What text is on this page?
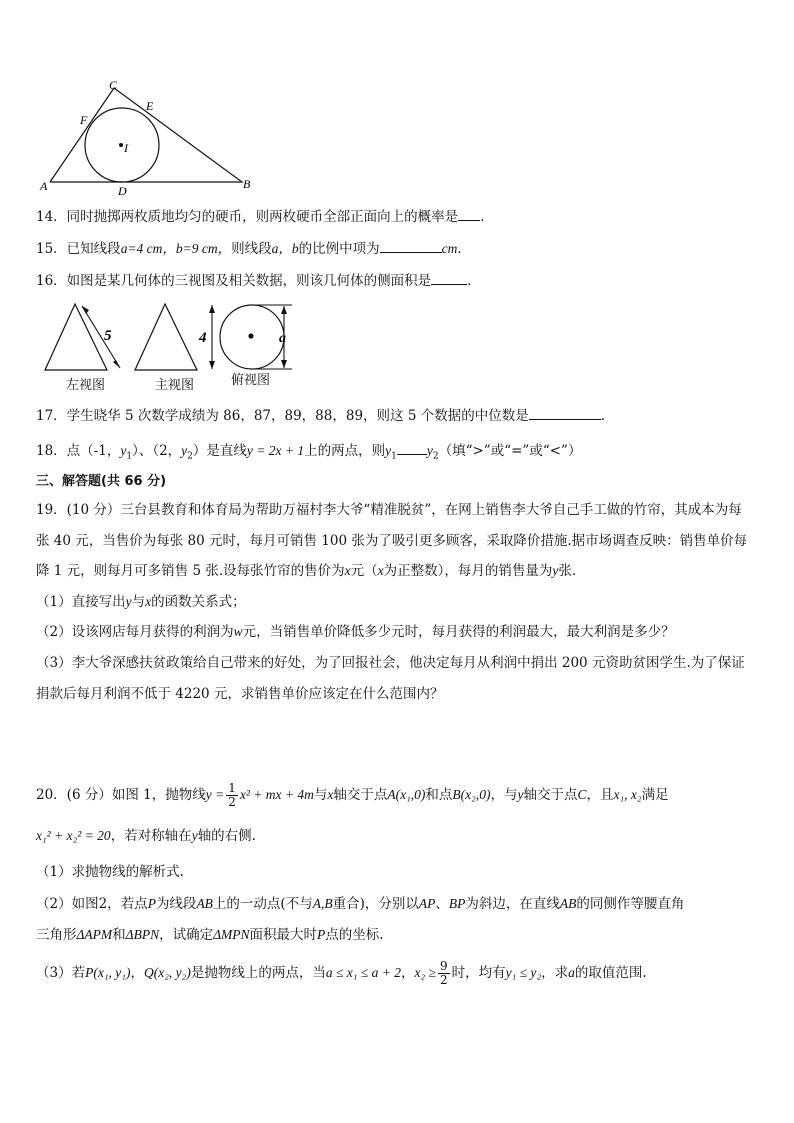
A	B
C
D
E
F
I
14．同时抛掷两枚质地均匀的硬币，则两枚硬币全部正面向上的概率是 ．
15．已知线段a=4 cm，b=9 cm，则线段a，b的比例中项为	cm．
16．如图是某几何体的三视图及相关数据，则该几何体的侧面积是	．
5	4	a
左视图	主视图	俯视图
17．学生晓华 5 次数学成绩为 86，87，89，88，89，则这 5 个数据的中位数是	.
18．点（-1，$y_1$）、（2，$y_2$）是直线y = 2x + 1上的两点，则$y_1$ $y_2$（填“>”或“=”或“<”）
三、解答题(共 66 分)
19．(10 分）三台县教育和体育局为帮助万福村李大爷“精准脱贫”，在网上销售李大爷自己手工做的竹帘，其成本为每
张 40 元，当售价为每张 80 元时，每月可销售 100 张为了吸引更多顾客，采取降价措施.据市场调查反映：销售单价每
降 1 元，则每月可多销售 5 张.设每张竹帘的售价为x元（x为正整数），每月的销售量为y张.
（1）直接写出y与x的函数关系式；
（2）设该网店每月获得的利润为w元，当销售单价降低多少元时，每月获得的利润最大，最大利润是多少？
（3）李大爷深感扶贫政策给自己带来的好处，为了回报社会，他决定每月从利润中捐出 200 元资助贫困学生.为了保证
捐款后每月利润不低于 4220 元，求销售单价应该定在什么范围内？
20．(6 分）如图 1，抛物线$y = \frac{1}{2} x^2$ + mx + 4m与x轴交于点A(x₁,0)和点B(x₂,0)，与y轴交于点C，且x₁, x₂满足
x₁² + x₂² = 20，若对称轴在y轴的右侧.
（1）求抛物线的解析式.
（2）如图2，若点P为线段AB上的一动点(不与A,B重合)，分别以AP、BP为斜边，在直线AB的同侧作等腰直角
三角形ΔAPM和ΔBPN，试确定ΔMPN面积最大时P点的坐标.
（3）若P(x₁, y₁)，Q(x₂, y₂)是抛物线上的两点，当a ≤ x₁ ≤ a + 2，$x_2 \ge \frac{9}{2}$ 时，均有y₁ ≤ y₂，求a的取值范围.
